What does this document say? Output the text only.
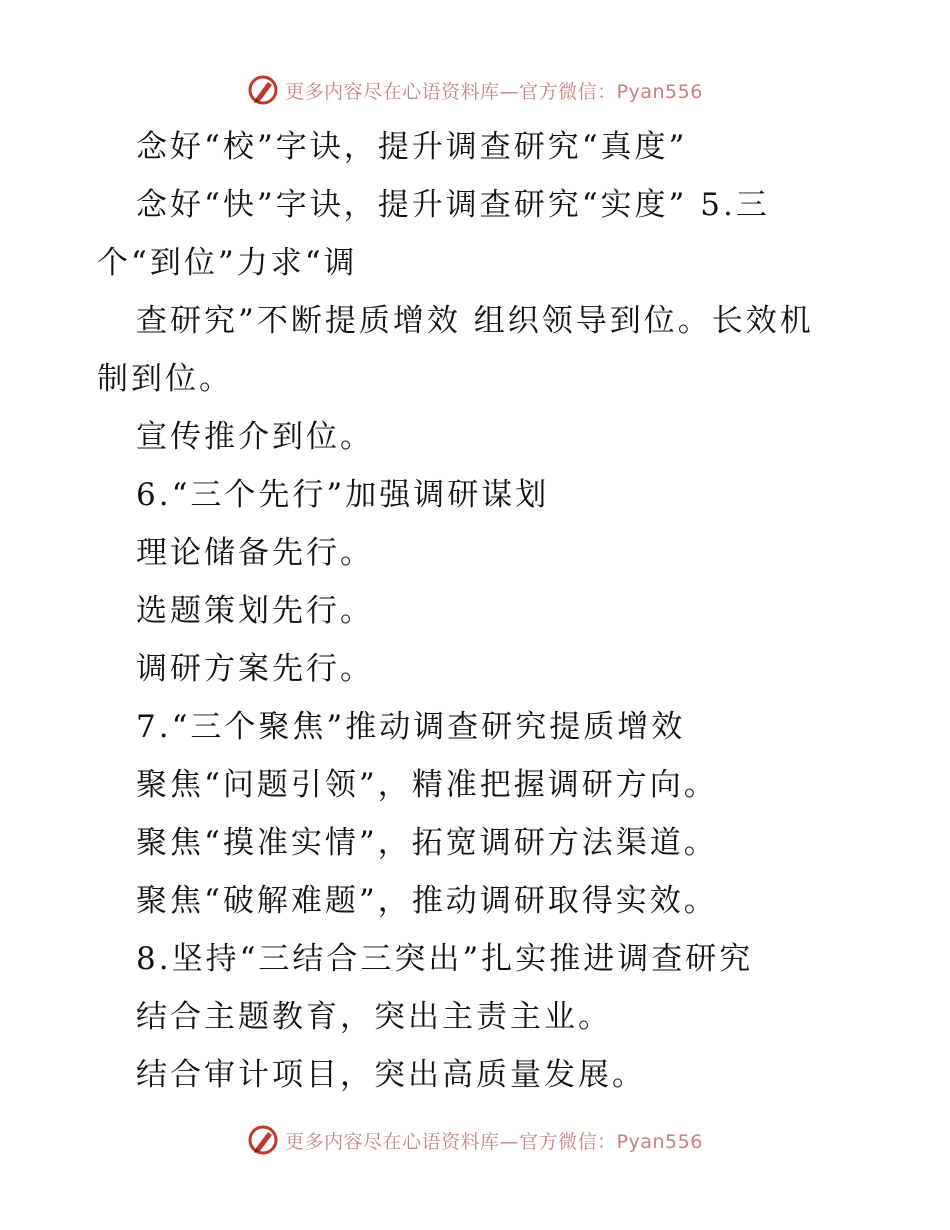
更多内容尽在心语资料库—官方微信：Pyan556

念好“校”字诀，提升调查研究“真度”

念好“快”字诀，提升调查研究“实度” 5.三

个“到位”力求“调

查研究”不断提质增效 组织领导到位。长效机

制到位。

宣传推介到位。

6.“三个先行”加强调研谋划

理论储备先行。

选题策划先行。

调研方案先行。

7.“三个聚焦”推动调查研究提质增效

聚焦“问题引领”，精准把握调研方向。

聚焦“摸准实情”，拓宽调研方法渠道。

聚焦“破解难题”，推动调研取得实效。

8.坚持“三结合三突出”扎实推进调查研究

结合主题教育，突出主责主业。

结合审计项目，突出高质量发展。

更多内容尽在心语资料库—官方微信：Pyan556
